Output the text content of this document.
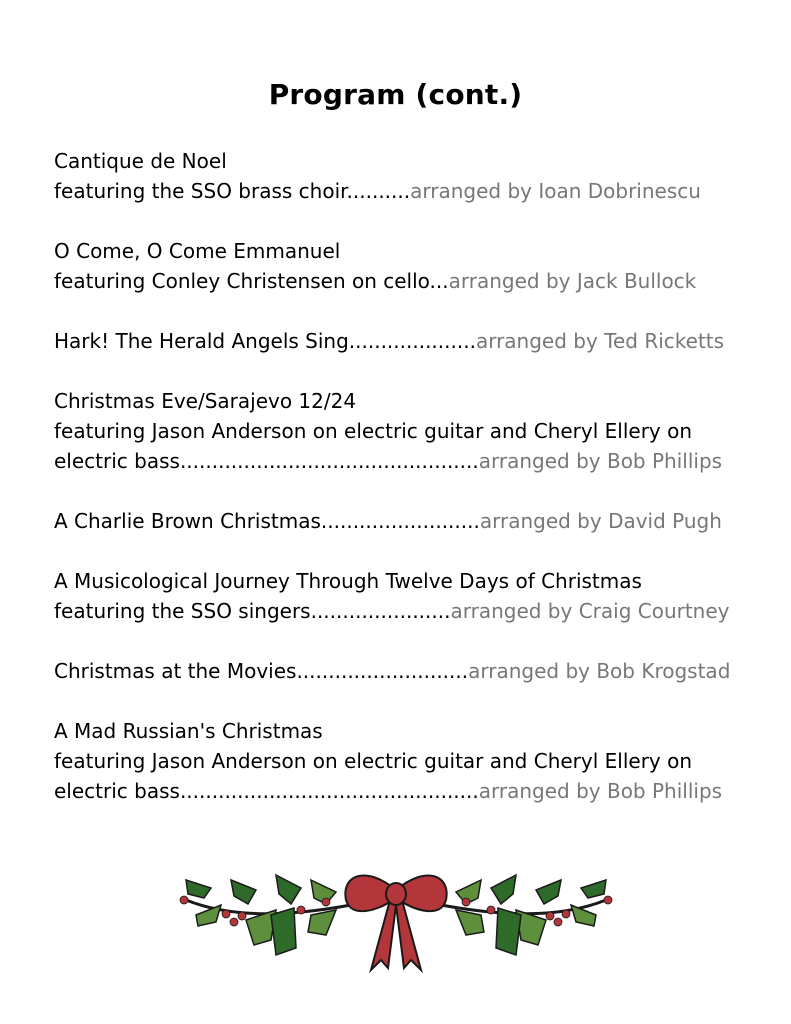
Program (cont.)
Cantique de Noel
featuring the SSO brass choir..........arranged by Ioan Dobrinescu
O Come, O Come Emmanuel
featuring Conley Christensen on cello...arranged by Jack Bullock
Hark! The Herald Angels Sing....................arranged by Ted Ricketts
Christmas Eve/Sarajevo 12/24
featuring Jason Anderson on electric guitar and Cheryl Ellery on
electric bass...............................................arranged by Bob Phillips
A Charlie Brown Christmas.........................arranged by David Pugh
A Musicological Journey Through Twelve Days of Christmas
featuring the SSO singers......................arranged by Craig Courtney
Christmas at the Movies...........................arranged by Bob Krogstad
A Mad Russian's Christmas
featuring Jason Anderson on electric guitar and Cheryl Ellery on
electric bass...............................................arranged by Bob Phillips
